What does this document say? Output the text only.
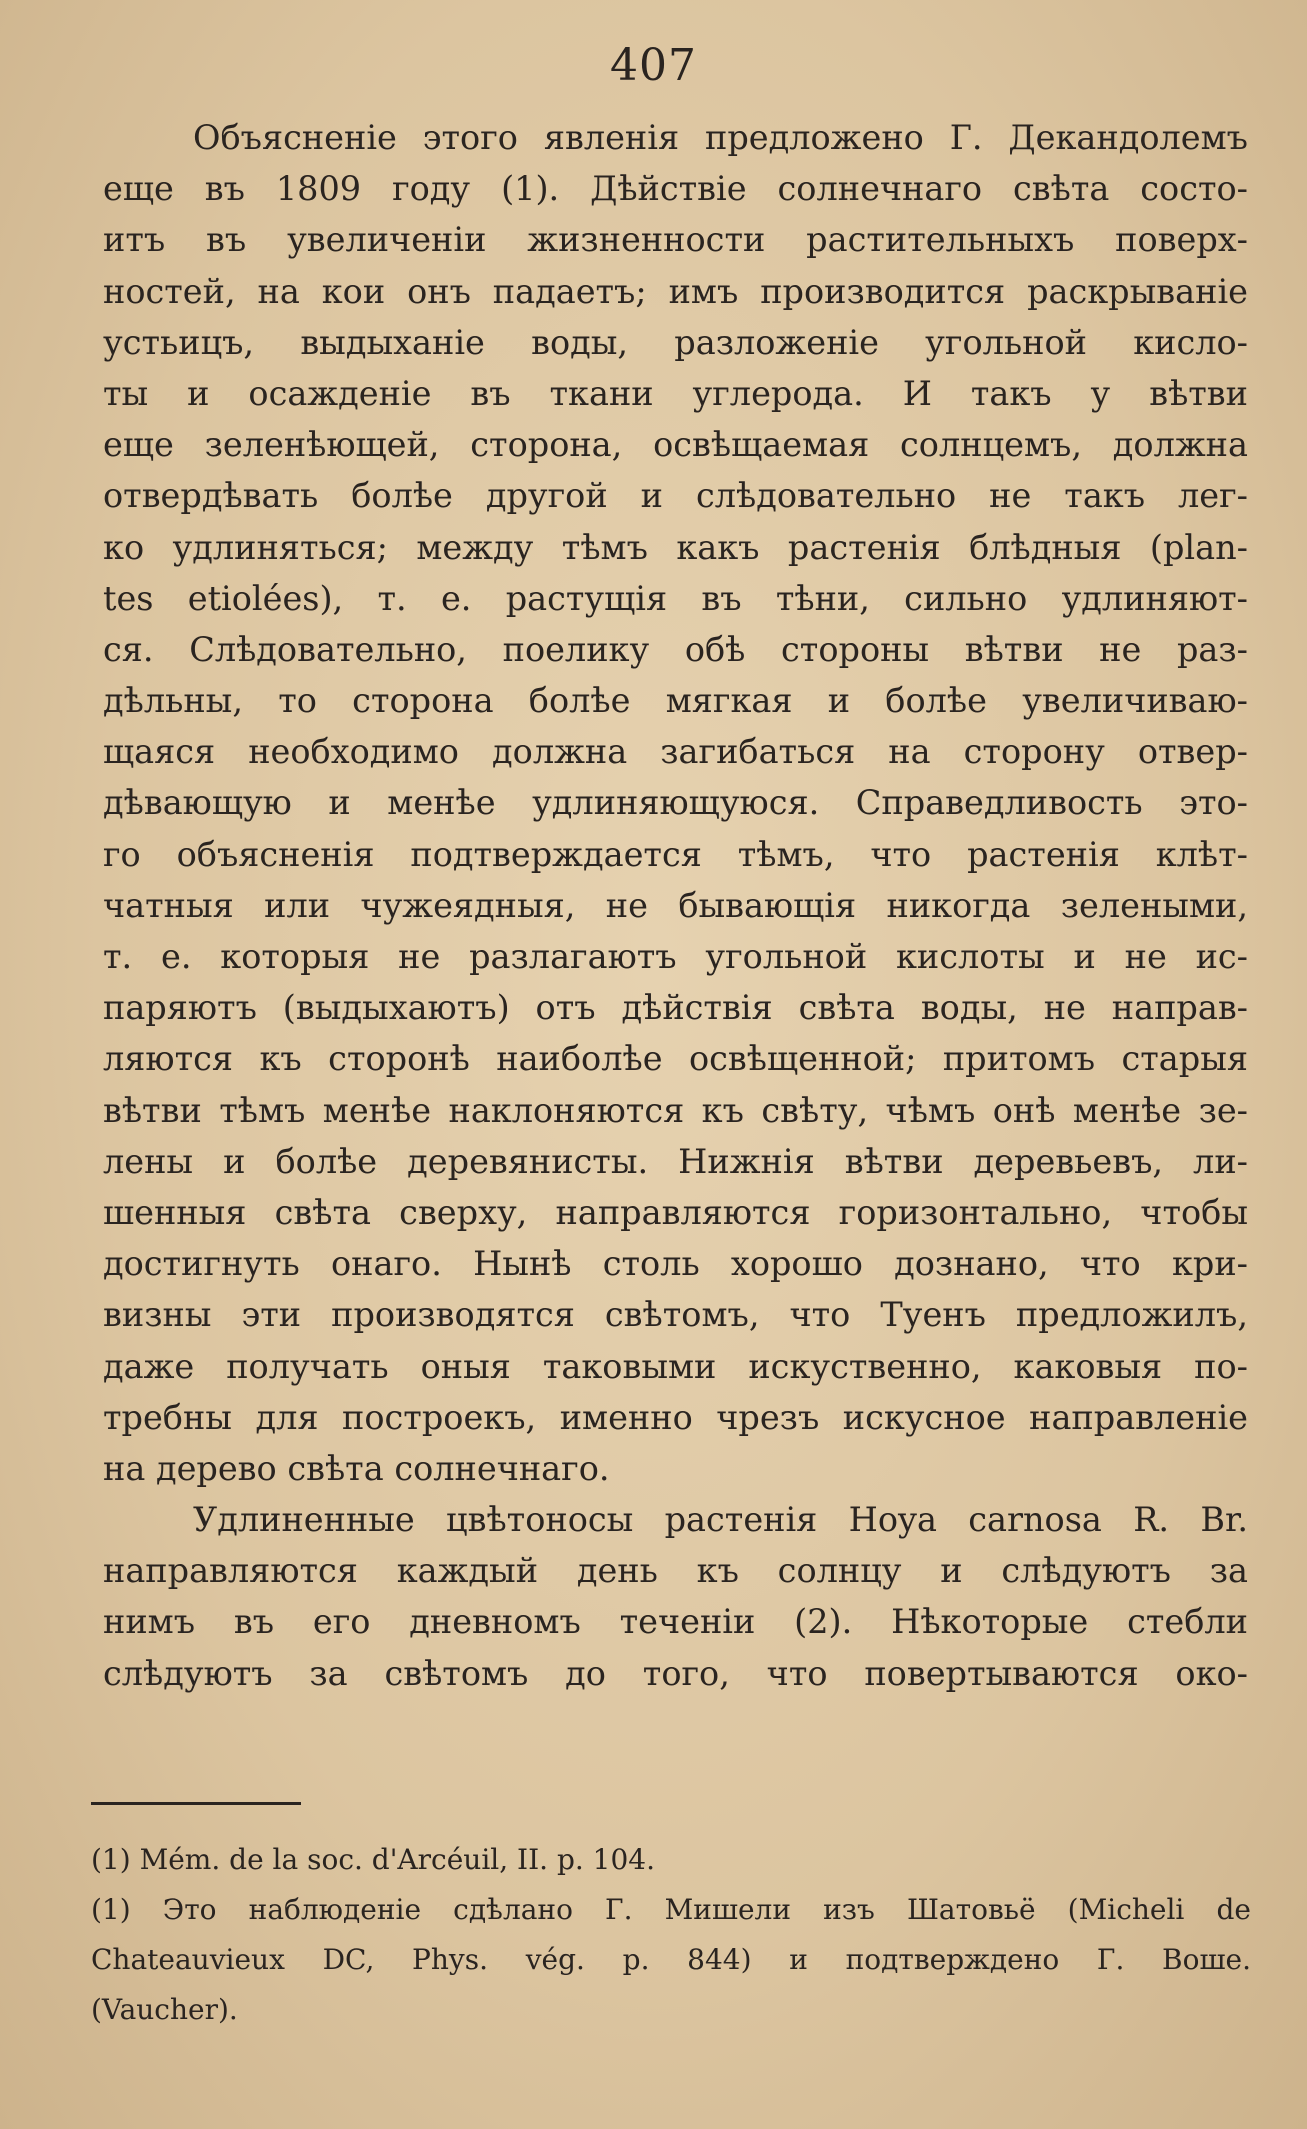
407
Объясненіе этого явленія предложено Г. Декандолемъ
еще въ 1809 году (1). Дѣйствіе солнечнаго свѣта состо-
итъ въ увеличеніи жизненности растительныхъ поверх-
ностей, на кои онъ падаетъ; имъ производится раскрываніе
устьицъ, выдыханіе воды, разложеніе угольной кисло-
ты и осажденіе въ ткани углерода. И такъ у вѣтви
еще зеленѣющей, сторона, освѣщаемая солнцемъ, должна
отвердѣвать болѣе другой и слѣдовательно не такъ лег-
ко удлиняться; между тѣмъ какъ растенія блѣдныя (plan-
tes etiolées), т. е. растущія въ тѣни, сильно удлиняют-
ся. Слѣдовательно, поелику обѣ стороны вѣтви не раз-
дѣльны, то сторона болѣе мягкая и болѣе увеличиваю-
щаяся необходимо должна загибаться на сторону отвер-
дѣвающую и менѣе удлиняющуюся. Справедливость это-
го объясненія подтверждается тѣмъ, что растенія клѣт-
чатныя или чужеядныя, не бывающія никогда зелеными,
т. е. которыя не разлагаютъ угольной кислоты и не ис-
паряютъ (выдыхаютъ) отъ дѣйствія свѣта воды, не направ-
ляются къ сторонѣ наиболѣе освѣщенной; притомъ старыя
вѣтви тѣмъ менѣе наклоняются къ свѣту, чѣмъ онѣ менѣе зе-
лены и болѣе деревянисты. Нижнія вѣтви деревьевъ, ли-
шенныя свѣта сверху, направляются горизонтально, чтобы
достигнуть онаго. Нынѣ столь хорошо дознано, что кри-
визны эти производятся свѣтомъ, что Туенъ предложилъ,
даже получать оныя таковыми искуственно, каковыя по-
требны для построекъ, именно чрезъ искусное направленіе
на дерево свѣта солнечнаго.
Удлиненные цвѣтоносы растенія Hoya carnosa R. Br.
направляются каждый день къ солнцу и слѣдуютъ за
нимъ въ его дневномъ теченіи (2). Нѣкоторые стебли
слѣдуютъ за свѣтомъ до того, что повертываются око-
(1) Mém. de la soc. d'Arcéuil, II. p. 104.
(1) Это наблюденіе сдѣлано Г. Мишели изъ Шатовьё (Micheli de
Chateauvieux DC, Phys. vég. p. 844) и подтверждено Г. Воше.
(Vaucher).
